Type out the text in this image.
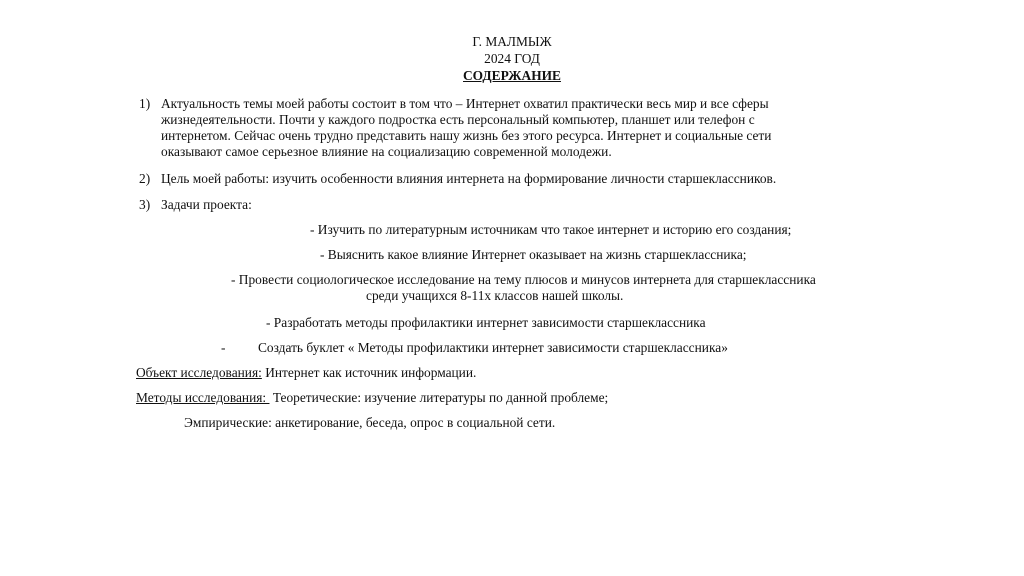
Г. МАЛМЫЖ
2024 ГОД
СОДЕРЖАНИЕ
1) Актуальность темы моей работы состоит в том что – Интернет охватил практически весь мир и все сферы
жизнедеятельности. Почти у каждого подростка есть персональный компьютер, планшет или телефон с
интернетом. Сейчас очень трудно представить нашу жизнь без этого ресурса. Интернет и социальные сети
оказывают самое серьезное влияние на социализацию современной молодежи.
2) Цель моей работы: изучить особенности влияния интернета на формирование личности старшеклассников.
3) Задачи проекта:
- Изучить по литературным источникам что такое интернет и историю его создания;
- Выяснить какое влияние Интернет оказывает на жизнь старшеклассника;
- Провести социологическое исследование на тему плюсов и минусов интернета для старшеклассника
среди учащихся 8-11х классов нашей школы.
- Разработать методы профилактики интернет зависимости старшеклассника
- Создать буклет « Методы профилактики интернет зависимости старшеклассника»
Объект исследования: Интернет как источник информации.
Методы исследования:  Теоретические: изучение литературы по данной проблеме;
Эмпирические: анкетирование, беседа, опрос в социальной сети.
